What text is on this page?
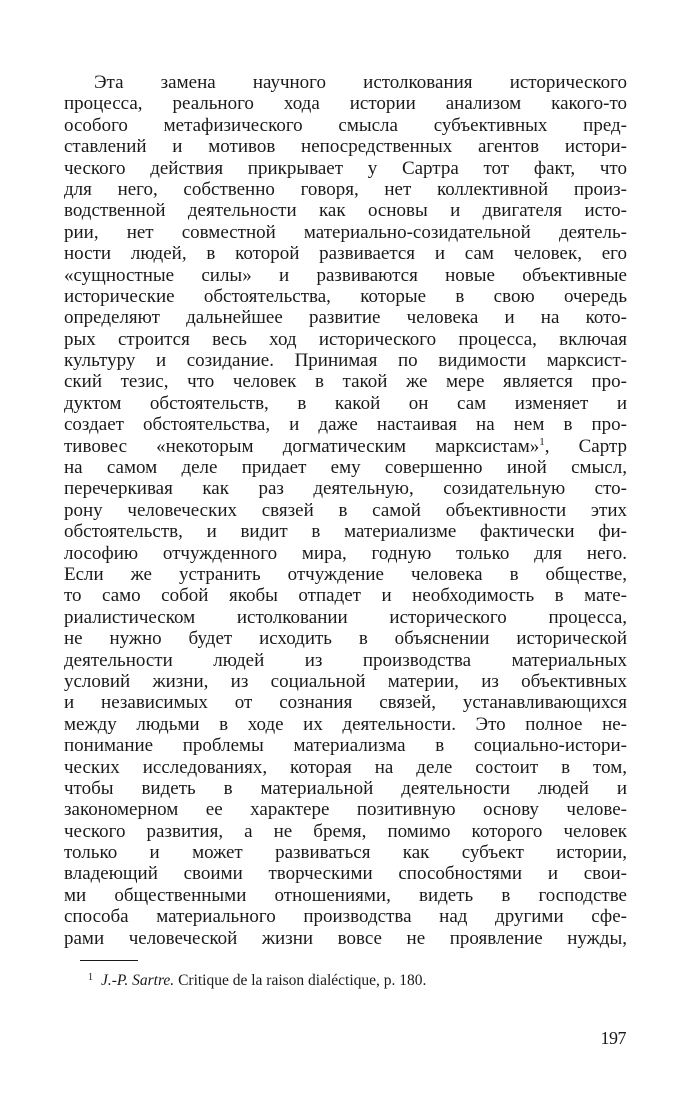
Эта замена научного истолкования исторического
процесса, реального хода истории анализом какого-то
особого метафизического смысла субъективных пред-
ставлений и мотивов непосредственных агентов истори-
ческого действия прикрывает у Сартра тот факт, что
для него, собственно говоря, нет коллективной произ-
водственной деятельности как основы и двигателя исто-
рии, нет совместной материально-созидательной деятель-
ности людей, в которой развивается и сам человек, его
«сущностные силы» и развиваются новые объективные
исторические обстоятельства, которые в свою очередь
определяют дальнейшее развитие человека и на кото-
рых строится весь ход исторического процесса, включая
культуру и созидание. Принимая по видимости марксист-
ский тезис, что человек в такой же мере является про-
дуктом обстоятельств, в какой он сам изменяет и
создает обстоятельства, и даже настаивая на нем в про-
тивовес «некоторым догматическим марксистам»$^1$, Сартр
на самом деле придает ему совершенно иной смысл,
перечеркивая как раз деятельную, созидательную сто-
рону человеческих связей в самой объективности этих
обстоятельств, и видит в материализме фактически фи-
лософию отчужденного мира, годную только для него.
Если же устранить отчуждение человека в обществе,
то само собой якобы отпадет и необходимость в мате-
риалистическом истолковании исторического процесса,
не нужно будет исходить в объяснении исторической
деятельности людей из производства материальных
условий жизни, из социальной материи, из объективных
и независимых от сознания связей, устанавливающихся
между людьми в ходе их деятельности. Это полное не-
понимание проблемы материализма в социально-истори-
ческих исследованиях, которая на деле состоит в том,
чтобы видеть в материальной деятельности людей и
закономерном ее характере позитивную основу челове-
ческого развития, а не бремя, помимо которого человек
только и может развиваться как субъект истории,
владеющий своими творческими способностями и свои-
ми общественными отношениями, видеть в господстве
способа материального производства над другими сфе-
рами человеческой жизни вовсе не проявление нужды,
$^1$ J.-P. Sartre. Critique de la raison dialéctique, p. 180.
197
